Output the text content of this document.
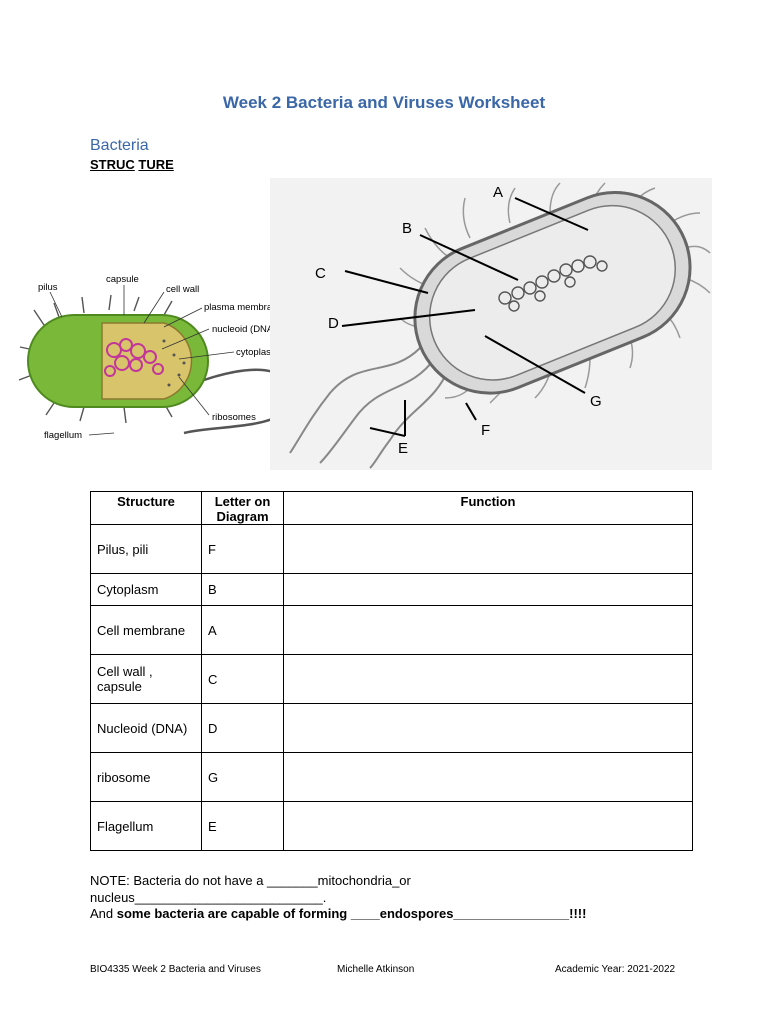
Week 2 Bacteria and Viruses Worksheet
Bacteria
STRUC TURE
pilus
capsule
cell wall
plasma membrane
nucleoid (DNA
cytoplasm
ribosomes
flagellum
A
B
C
D
E
F
G
Structure	Letter on Diagram	Function
Pilus, pili	F	
Cytoplasm	B	
Cell membrane	A	
Cell wall , capsule	C	
Nucleoid (DNA)	D	
ribosome	G	
Flagellum	E	
NOTE: Bacteria do not have a _______mitochondria_or
nucleus__________________________.
And some bacteria are capable of forming ____endospores________________!!!!
BIO4335 Week 2 Bacteria and Viruses	Michelle Atkinson	Academic Year: 2021-2022
